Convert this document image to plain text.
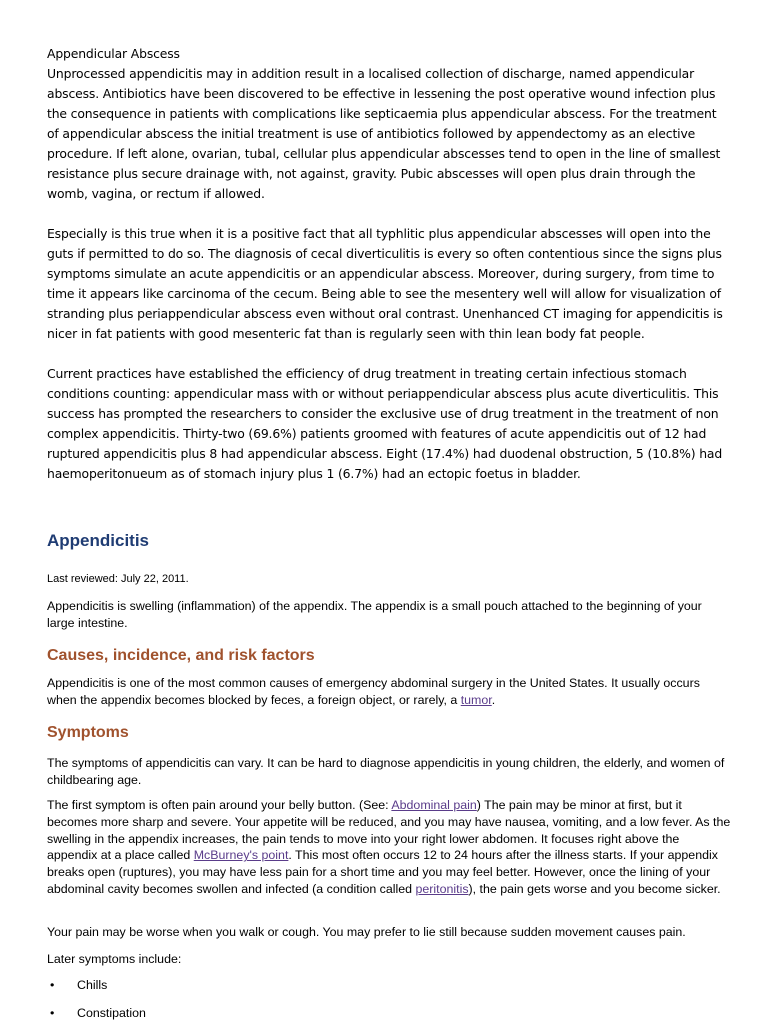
Appendicular Abscess

Unprocessed appendicitis may in addition result in a localised collection of discharge, named appendicular abscess. Antibiotics have been discovered to be effective in lessening the post operative wound infection plus the consequence in patients with complications like septicaemia plus appendicular abscess. For the treatment of appendicular abscess the initial treatment is use of antibiotics followed by appendectomy as an elective procedure. If left alone, ovarian, tubal, cellular plus appendicular abscesses tend to open in the line of smallest resistance plus secure drainage with, not against, gravity. Pubic abscesses will open plus drain through the womb, vagina, or rectum if allowed.

Especially is this true when it is a positive fact that all typhlitic plus appendicular abscesses will open into the guts if permitted to do so. The diagnosis of cecal diverticulitis is every so often contentious since the signs plus symptoms simulate an acute appendicitis or an appendicular abscess. Moreover, during surgery, from time to time it appears like carcinoma of the cecum. Being able to see the mesentery well will allow for visualization of stranding plus periappendicular abscess even without oral contrast. Unenhanced CT imaging for appendicitis is nicer in fat patients with good mesenteric fat than is regularly seen with thin lean body fat people.

Current practices have established the efficiency of drug treatment in treating certain infectious stomach conditions counting: appendicular mass with or without periappendicular abscess plus acute diverticulitis. This success has prompted the researchers to consider the exclusive use of drug treatment in the treatment of non complex appendicitis. Thirty-two (69.6%) patients groomed with features of acute appendicitis out of 12 had ruptured appendicitis plus 8 had appendicular abscess. Eight (17.4%) had duodenal obstruction, 5 (10.8%) had haemoperitonueum as of stomach injury plus 1 (6.7%) had an ectopic foetus in bladder.

Appendicitis
Last reviewed: July 22, 2011.
Appendicitis is swelling (inflammation) of the appendix. The appendix is a small pouch attached to the beginning of your large intestine.
Causes, incidence, and risk factors
Appendicitis is one of the most common causes of emergency abdominal surgery in the United States. It usually occurs when the appendix becomes blocked by feces, a foreign object, or rarely, a tumor.
Symptoms
The symptoms of appendicitis can vary. It can be hard to diagnose appendicitis in young children, the elderly, and women of childbearing age.
The first symptom is often pain around your belly button. (See: Abdominal pain) The pain may be minor at first, but it becomes more sharp and severe. Your appetite will be reduced, and you may have nausea, vomiting, and a low fever. As the swelling in the appendix increases, the pain tends to move into your right lower abdomen. It focuses right above the appendix at a place called McBurney's point. This most often occurs 12 to 24 hours after the illness starts. If your appendix breaks open (ruptures), you may have less pain for a short time and you may feel better. However, once the lining of your abdominal cavity becomes swollen and infected (a condition called peritonitis), the pain gets worse and you become sicker.
Your pain may be worse when you walk or cough. You may prefer to lie still because sudden movement causes pain.
Later symptoms include:
• Chills
• Constipation
